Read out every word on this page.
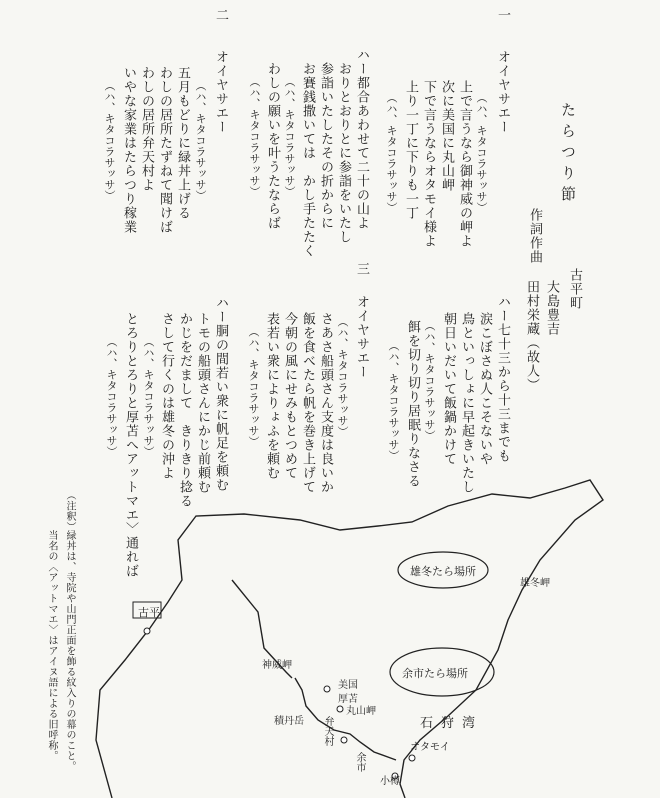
たらつり節
作詞作曲
古平町
大島豊吉
田村栄蔵（故人）
一
オイヤサエー
（ハ、キタコラサッサ）
上で言うなら御神威の岬よ
次に美国に丸山岬
下で言うならオタモイ様よ
上り一丁に下りも一丁
（ハ、キタコラサッサ）
ハー七十三から十三までも
涙こぼさぬ人こそないや
鳥といっしょに早起きいたし
朝日いだいて飯鍋かけて
（ハ、キタコラサッサ）
餌を切り切り居眠りなさる
（ハ、キタコラサッサ）
ハー都合あわせて二十の山よ
おりとおりとに参詣をいたし
参詣いたしたその折からに
お賽銭撒いては　かし手たたく
（ハ、キタコラサッサ）
わしの願いを叶うたならば
（ハ、キタコラサッサ）
三
オイヤサエー
（ハ、キタコラサッサ）
さあさ船頭さん支度は良いか
飯を食べたら帆を巻き上げて
今朝の風にせみもとつめて
表若い衆によりょふを頼む
（ハ、キタコラサッサ）
二
オイヤサエー
（ハ、キタコラサッサ）
五月もどりに緑丼上げる
わしの居所たずねて聞けば
わしの居所弁天村よ
いやな家業はたらつり稼業
（ハ、キタコラサッサ）
ハー胴の間若い衆に帆足を頼む
トモの船頭さんにかじ前頼む
かじをだまして　きりきり捻る
さして行くのは雄冬の沖よ
（ハ、キタコラサッサ）
とろりとろりと厚苫へアットマエ〉通れば
（ハ、キタコラサッサ）
（注釈）
緑丼は、寺院や山門正面を飾る紋入りの幕のこと。
当名の〈アットマエ〉はアイヌ語による旧呼称。	雄冬たら場所
余市たら場所
雄冬岬
古平
神威岬
美国
厚苫
丸山岬
積丹岳 弁天村	石狩湾
オタモイ
余市
小樽
